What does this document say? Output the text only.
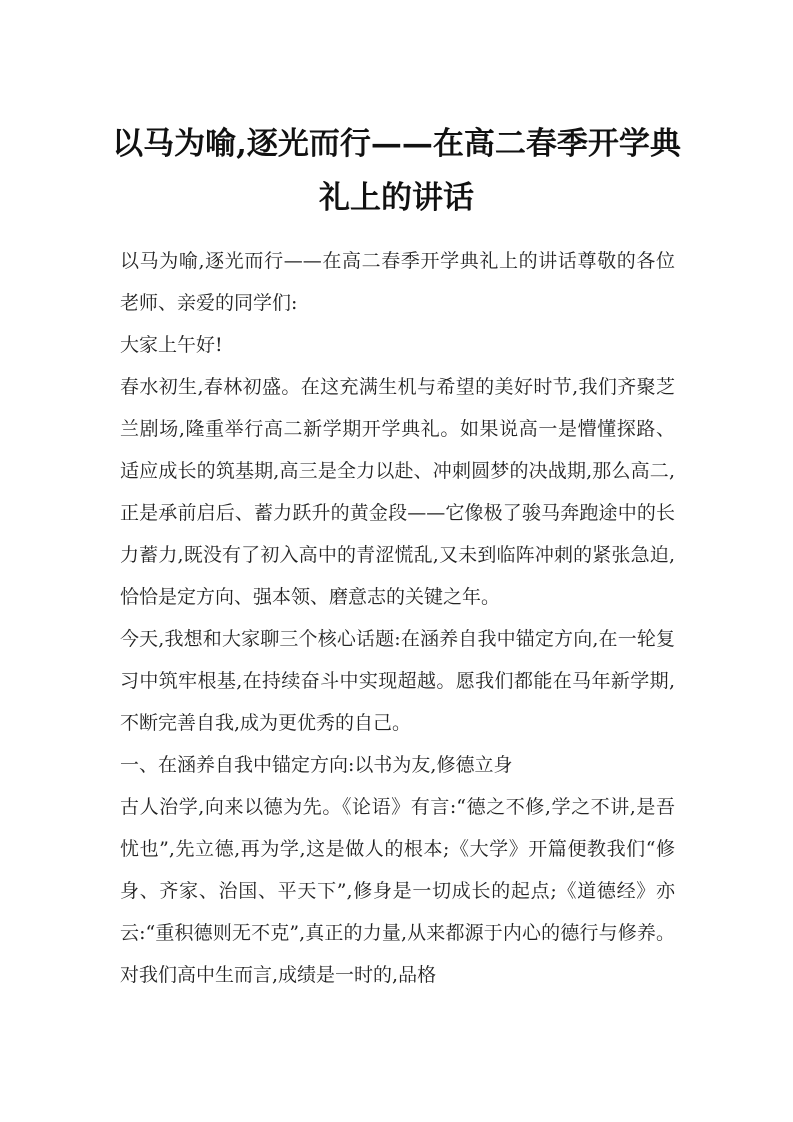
以马为喻,逐光而行——在高二春季开学典礼上的讲话

以马为喻,逐光而行——在高二春季开学典礼上的讲话尊敬的各位老师、亲爱的同学们:

大家上午好!

春水初生,春林初盛。在这充满生机与希望的美好时节,我们齐聚芝兰剧场,隆重举行高二新学期开学典礼。如果说高一是懵懂探路、适应成长的筑基期,高三是全力以赴、冲刺圆梦的决战期,那么高二,正是承前启后、蓄力跃升的黄金段——它像极了骏马奔跑途中的长力蓄力,既没有了初入高中的青涩慌乱,又未到临阵冲刺的紧张急迫,恰恰是定方向、强本领、磨意志的关键之年。

今天,我想和大家聊三个核心话题:在涵养自我中锚定方向,在一轮复习中筑牢根基,在持续奋斗中实现超越。愿我们都能在马年新学期,不断完善自我,成为更优秀的自己。

一、在涵养自我中锚定方向:以书为友,修德立身

古人治学,向来以德为先。《论语》有言:“德之不修,学之不讲,是吾忧也”,先立德,再为学,这是做人的根本;《大学》开篇便教我们“修身、齐家、治国、平天下”,修身是一切成长的起点;《道德经》亦云:“重积德则无不克”,真正的力量,从来都源于内心的德行与修养。对我们高中生而言,成绩是一时的,品格
